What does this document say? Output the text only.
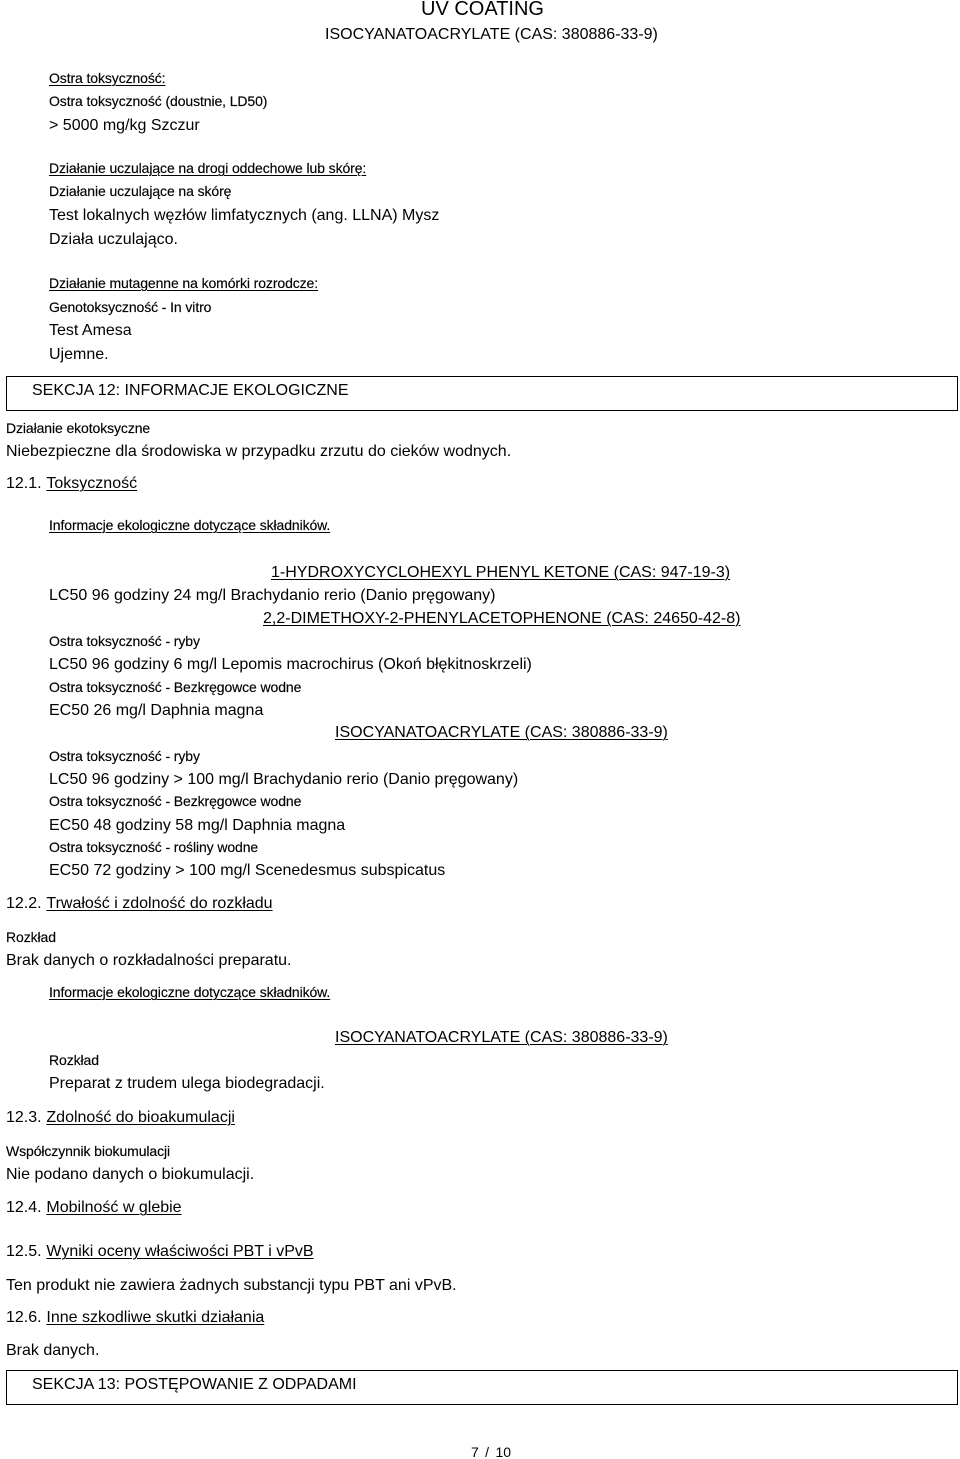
UV COATING
ISOCYANATOACRYLATE (CAS: 380886-33-9)
Ostra toksyczność:
Ostra toksyczność (doustnie, LD50)
> 5000 mg/kg Szczur
Działanie uczulające na drogi oddechowe lub skórę:
Działanie uczulające na skórę
Test lokalnych węzłów limfatycznych (ang. LLNA) Mysz
Działa uczulająco.
Działanie mutagenne na komórki rozrodcze:
Genotoksyczność - In vitro
Test Amesa
Ujemne.
SEKCJA 12: INFORMACJE EKOLOGICZNE
Działanie ekotoksyczne
Niebezpieczne dla środowiska w przypadku zrzutu do cieków wodnych.
12.1. Toksyczność
Informacje ekologiczne dotyczące składników.
1-HYDROXYCYCLOHEXYL PHENYL KETONE (CAS: 947-19-3)
LC50 96 godziny 24 mg/l Brachydanio rerio (Danio pręgowany)
2,2-DIMETHOXY-2-PHENYLACETOPHENONE (CAS: 24650-42-8)
Ostra toksyczność - ryby
LC50 96 godziny 6 mg/l Lepomis macrochirus (Okoń błękitnoskrzeli)
Ostra toksyczność - Bezkręgowce wodne
EC50 26 mg/l Daphnia magna
ISOCYANATOACRYLATE (CAS: 380886-33-9)
Ostra toksyczność - ryby
LC50 96 godziny > 100 mg/l Brachydanio rerio (Danio pręgowany)
Ostra toksyczność - Bezkręgowce wodne
EC50 48 godziny 58 mg/l Daphnia magna
Ostra toksyczność - rośliny wodne
EC50 72 godziny > 100 mg/l Scenedesmus subspicatus
12.2. Trwałość i zdolność do rozkładu
Rozkład
Brak danych o rozkładalności preparatu.
Informacje ekologiczne dotyczące składników.
ISOCYANATOACRYLATE (CAS: 380886-33-9)
Rozkład
Preparat z trudem ulega biodegradacji.
12.3. Zdolność do bioakumulacji
Współczynnik biokumulacji
Nie podano danych o biokumulacji.
12.4. Mobilność w glebie
12.5. Wyniki oceny właściwości PBT i vPvB
Ten produkt nie zawiera żadnych substancji typu PBT ani vPvB.
12.6. Inne szkodliwe skutki działania
Brak danych.
SEKCJA 13: POSTĘPOWANIE Z ODPADAMI
7 / 10
